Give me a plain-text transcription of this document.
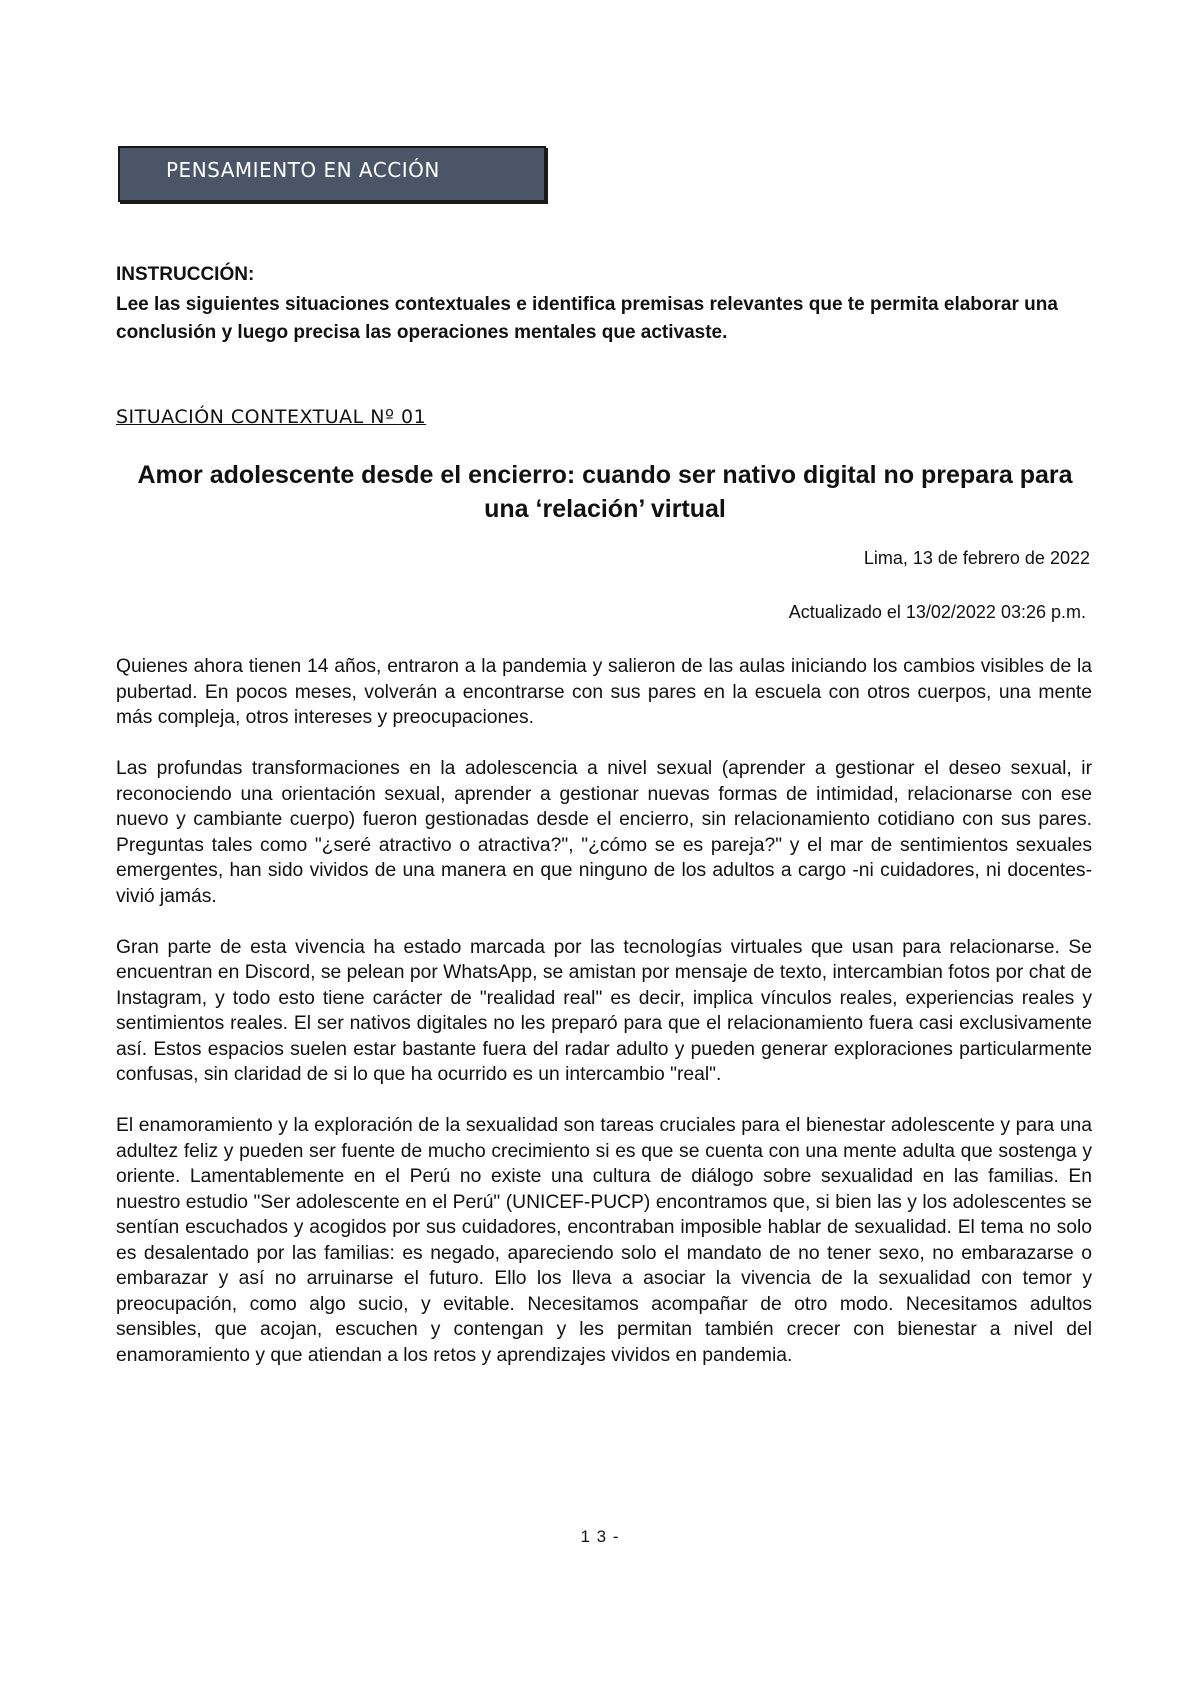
PENSAMIENTO EN ACCIÓN
INSTRUCCIÓN:
Lee las siguientes situaciones contextuales e identifica premisas relevantes que te permita elaborar una conclusión y luego precisa las operaciones mentales que activaste.
SITUACIÓN CONTEXTUAL Nº 01
Amor adolescente desde el encierro: cuando ser nativo digital no prepara para una ‘relación’ virtual
Lima, 13 de febrero de 2022
Actualizado el 13/02/2022 03:26 p.m.

Quienes ahora tienen 14 años, entraron a la pandemia y salieron de las aulas iniciando los cambios visibles de la pubertad. En pocos meses, volverán a encontrarse con sus pares en la escuela con otros cuerpos, una mente más compleja, otros intereses y preocupaciones.

Las profundas transformaciones en la adolescencia a nivel sexual (aprender a gestionar el deseo sexual, ir reconociendo una orientación sexual, aprender a gestionar nuevas formas de intimidad, relacionarse con ese nuevo y cambiante cuerpo) fueron gestionadas desde el encierro, sin relacionamiento cotidiano con sus pares. Preguntas tales como "¿seré atractivo o atractiva?", "¿cómo se es pareja?" y el mar de sentimientos sexuales emergentes, han sido vividos de una manera en que ninguno de los adultos a cargo -ni cuidadores, ni docentes- vivió jamás.

Gran parte de esta vivencia ha estado marcada por las tecnologías virtuales que usan para relacionarse. Se encuentran en Discord, se pelean por WhatsApp, se amistan por mensaje de texto, intercambian fotos por chat de Instagram, y todo esto tiene carácter de "realidad real" es decir, implica vínculos reales, experiencias reales y sentimientos reales. El ser nativos digitales no les preparó para que el relacionamiento fuera casi exclusivamente así. Estos espacios suelen estar bastante fuera del radar adulto y pueden generar exploraciones particularmente confusas, sin claridad de si lo que ha ocurrido es un intercambio "real".

El enamoramiento y la exploración de la sexualidad son tareas cruciales para el bienestar adolescente y para una adultez feliz y pueden ser fuente de mucho crecimiento si es que se cuenta con una mente adulta que sostenga y oriente. Lamentablemente en el Perú no existe una cultura de diálogo sobre sexualidad en las familias. En nuestro estudio "Ser adolescente en el Perú" (UNICEF-PUCP) encontramos que, si bien las y los adolescentes se sentían escuchados y acogidos por sus cuidadores, encontraban imposible hablar de sexualidad. El tema no solo es desalentado por las familias: es negado, apareciendo solo el mandato de no tener sexo, no embarazarse o embarazar y así no arruinarse el futuro. Ello los lleva a asociar la vivencia de la sexualidad con temor y preocupación, como algo sucio, y evitable. Necesitamos acompañar de otro modo. Necesitamos adultos sensibles, que acojan, escuchen y contengan y les permitan también crecer con bienestar a nivel del enamoramiento y que atiendan a los retos y aprendizajes vividos en pandemia.

1 3 -
